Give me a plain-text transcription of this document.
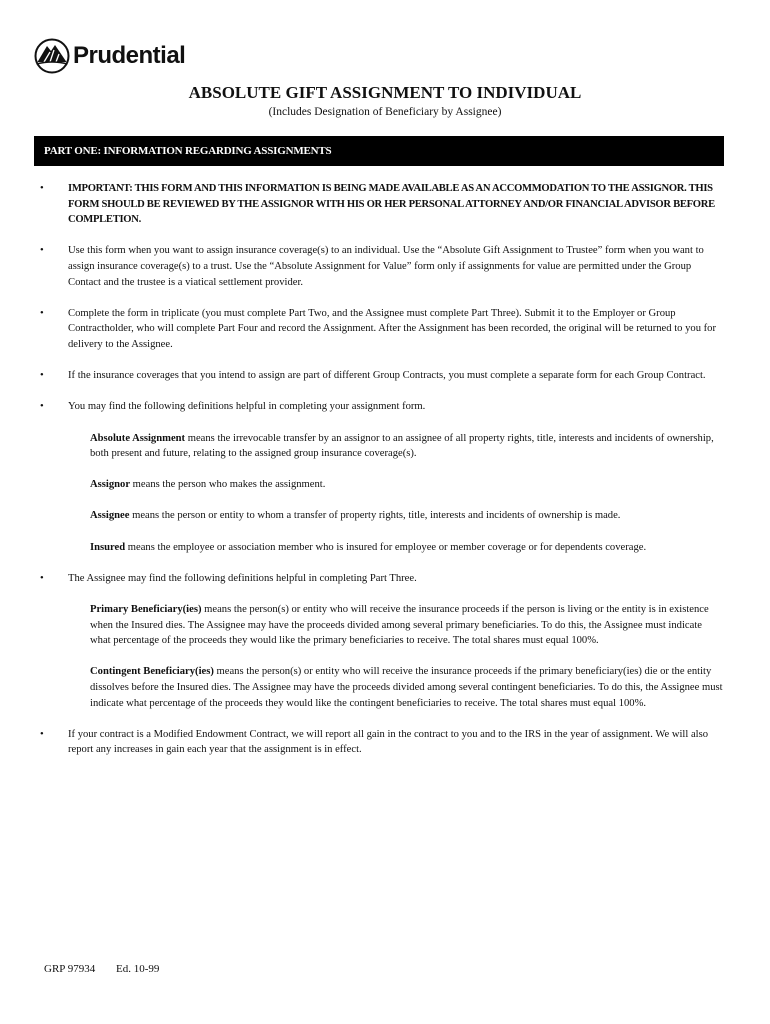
Prudential
ABSOLUTE GIFT ASSIGNMENT TO INDIVIDUAL
(Includes Designation of Beneficiary by Assignee)
PART ONE: INFORMATION REGARDING ASSIGNMENTS
•	IMPORTANT: THIS FORM AND THIS INFORMATION IS BEING MADE AVAILABLE AS AN ACCOMMODATION TO THE ASSIGNOR. THIS FORM SHOULD BE REVIEWED BY THE ASSIGNOR WITH HIS OR HER PERSONAL ATTORNEY AND/OR FINANCIAL ADVISOR BEFORE COMPLETION.
•	Use this form when you want to assign insurance coverage(s) to an individual. Use the “Absolute Gift Assignment to Trustee” form when you want to assign insurance coverage(s) to a trust. Use the “Absolute Assignment for Value” form only if assignments for value are permitted under the Group Contact and the trustee is a viatical settlement provider.
•	Complete the form in triplicate (you must complete Part Two, and the Assignee must complete Part Three). Submit it to the Employer or Group Contractholder, who will complete Part Four and record the Assignment. After the Assignment has been recorded, the original will be returned to you for delivery to the Assignee.
•	If the insurance coverages that you intend to assign are part of different Group Contracts, you must complete a separate form for each Group Contract.
•	You may find the following definitions helpful in completing your assignment form.
Absolute Assignment means the irrevocable transfer by an assignor to an assignee of all property rights, title, interests and incidents of ownership, both present and future, relating to the assigned group insurance coverage(s).
Assignor means the person who makes the assignment.
Assignee means the person or entity to whom a transfer of property rights, title, interests and incidents of ownership is made.
Insured means the employee or association member who is insured for employee or member coverage or for dependents coverage.
•	The Assignee may find the following definitions helpful in completing Part Three.
Primary Beneficiary(ies) means the person(s) or entity who will receive the insurance proceeds if the person is living or the entity is in existence when the Insured dies. The Assignee may have the proceeds divided among several primary beneficiaries. To do this, the Assignee must indicate what percentage of the proceeds they would like the primary beneficiaries to receive. The total shares must equal 100%.
Contingent Beneficiary(ies) means the person(s) or entity who will receive the insurance proceeds if the primary beneficiary(ies) die or the entity dissolves before the Insured dies. The Assignee may have the proceeds divided among several contingent beneficiaries. To do this, the Assignee must indicate what percentage of the proceeds they would like the contingent beneficiaries to receive. The total shares must equal 100%.
•	If your contract is a Modified Endowment Contract, we will report all gain in the contract to you and to the IRS in the year of assignment. We will also report any increases in gain each year that the assignment is in effect.
GRP 97934 Ed. 10-99
